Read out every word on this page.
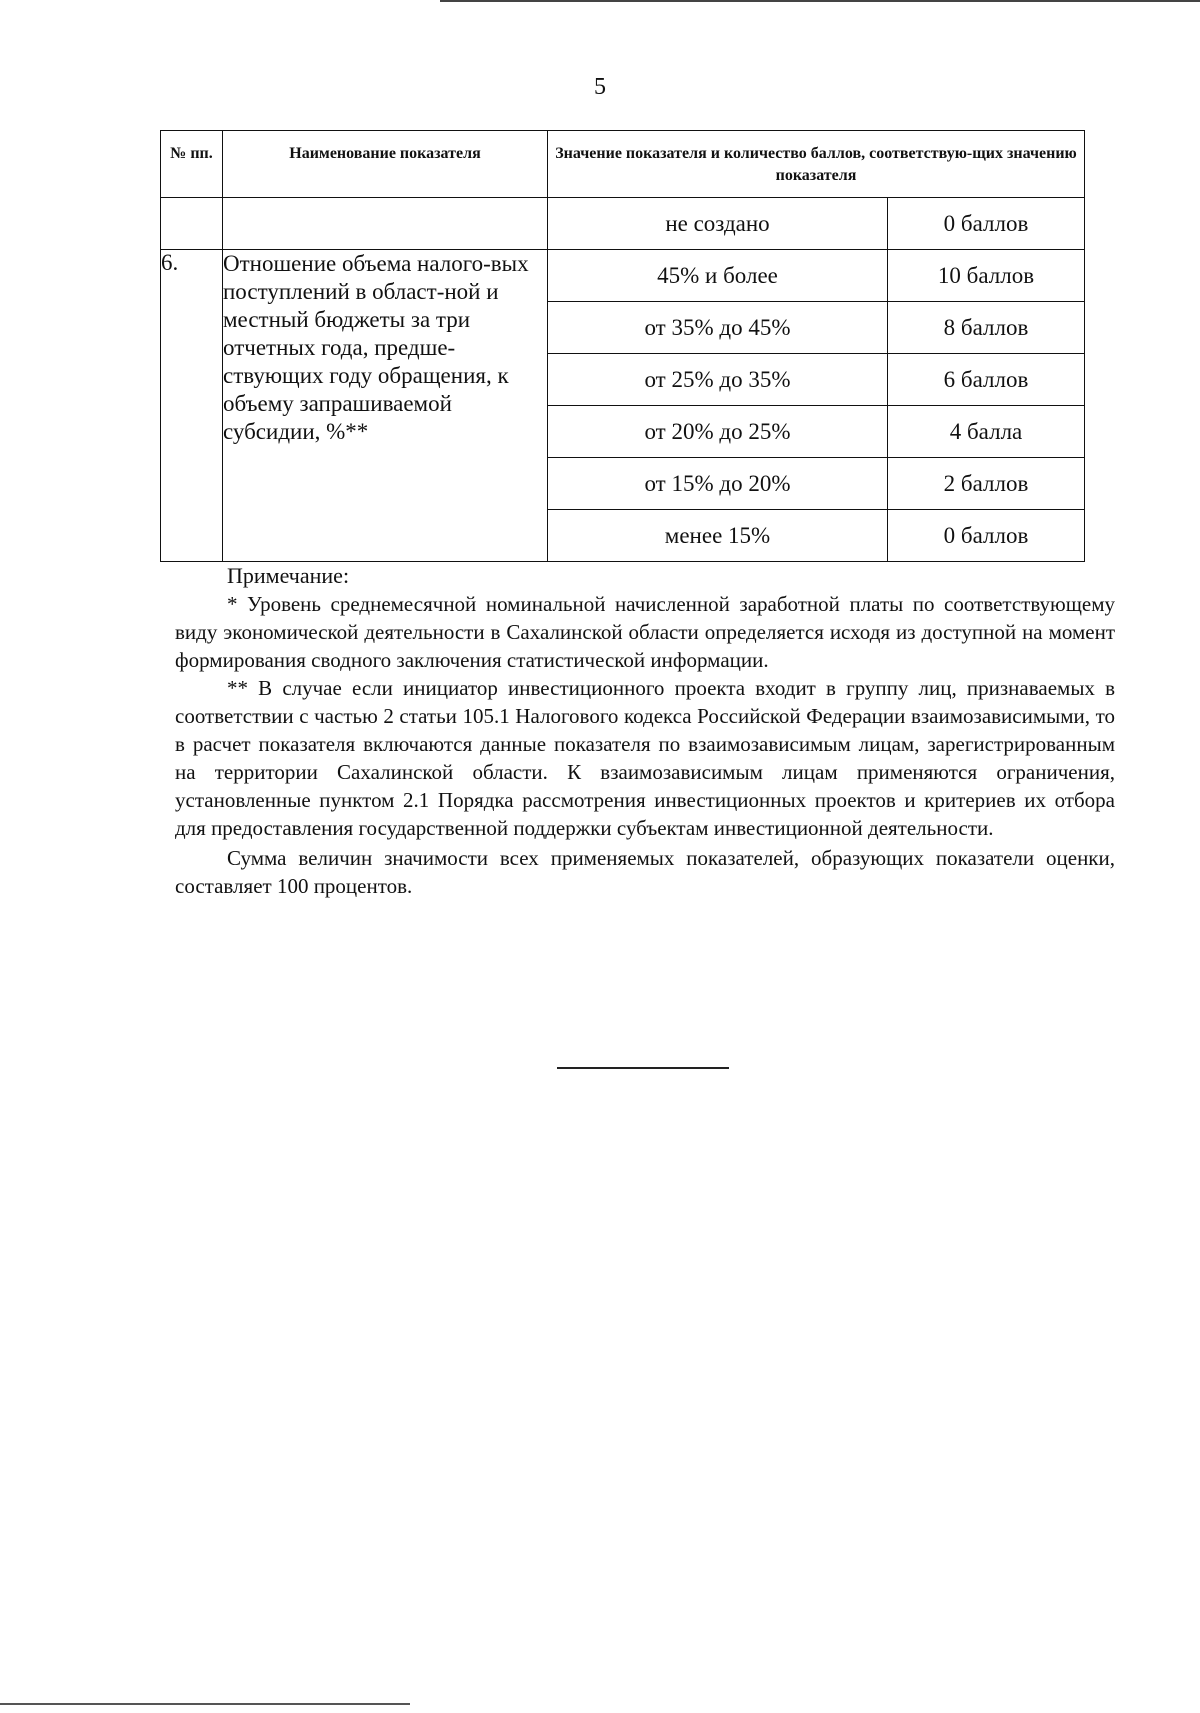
5
№ пп.	Наименование показателя	Значение показателя и количество баллов, соответствую-щих значению показателя	
		не создано	0 баллов
6.	Отношение объема налого-вых поступлений в област-ной и местный бюджеты за три отчетных года, предше-ствующих году обращения, к объему запрашиваемой субсидии, %**	45% и более	10 баллов
		от 35% до 45%	8 баллов
		от 25% до 35%	6 баллов
		от 20% до 25%	4 балла
		от 15% до 20%	2 баллов
		менее 15%	0 баллов

Примечание:

* Уровень среднемесячной номинальной начисленной заработной платы по соответствующему виду экономической деятельности в Сахалинской области определяется исходя из доступной на момент формирования сводного заключения статистической информации.

** В случае если инициатор инвестиционного проекта входит в группу лиц, признаваемых в соответствии с частью 2 статьи 105.1 Налогового кодекса Российской Федерации взаимозависимыми, то в расчет показателя включаются данные показателя по взаимозависимым лицам, зарегистрированным на территории Сахалинской области. К взаимозависимым лицам применяются ограничения, установленные пунктом 2.1 Порядка рассмотрения инвестиционных проектов и критериев их отбора для предоставления государственной поддержки субъектам инвестиционной деятельности.

Сумма величин значимости всех применяемых показателей, образующих показатели оценки, составляет 100 процентов.
